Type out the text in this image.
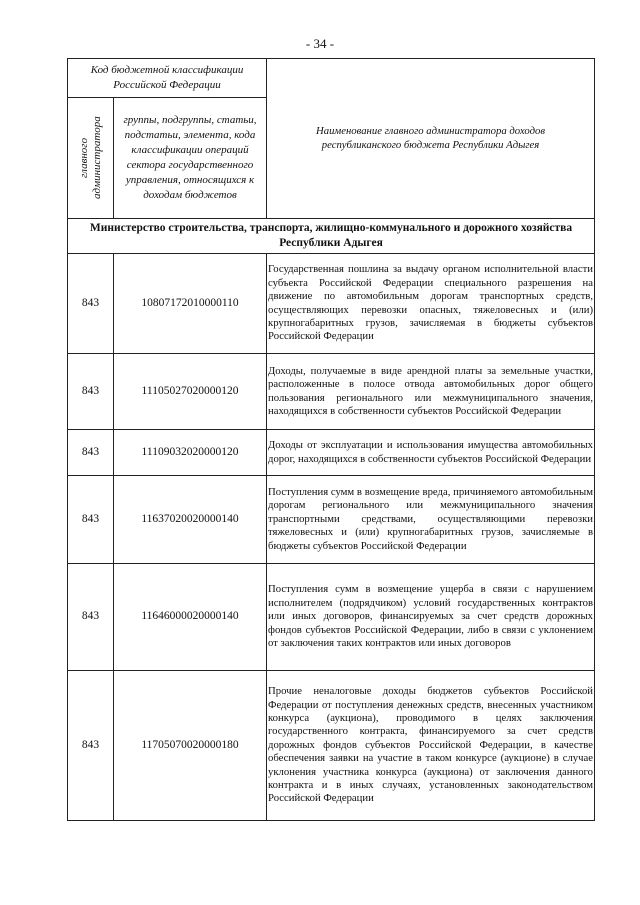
- 34 -
Код бюджетной классификации Российской Федерации		Наименование главного администратора доходов республиканского бюджета Республики Адыгея

главного администратора	группы, подгруппы, статьи, подстатьи, элемента, кода классификации операций сектора государственного управления, относящихся к доходам бюджетов	
Министерство строительства, транспорта, жилищно-коммунального и дорожного хозяйства Республики Адыгея		
843	10807172010000110	Государственная пошлина за выдачу органом исполнительной власти субъекта Российской Федерации специального разрешения на движение по автомобильным дорогам транспортных средств, осуществляющих перевозки опасных, тяжеловесных и (или) крупногабаритных грузов, зачисляемая в бюджеты субъектов Российской Федерации
843	11105027020000120	Доходы, получаемые в виде арендной платы за земельные участки, расположенные в полосе отвода автомобильных дорог общего пользования регионального или межмуниципального значения, находящихся в собственности субъектов Российской Федерации
843	11109032020000120	Доходы от эксплуатации и использования имущества автомобильных дорог, находящихся в собственности субъектов Российской Федерации
843	11637020020000140	Поступления сумм в возмещение вреда, причиняемого автомобильным дорогам регионального или межмуниципального значения транспортными средствами, осуществляющими перевозки тяжеловесных и (или) крупногабаритных грузов, зачисляемые в бюджеты субъектов Российской Федерации
843	11646000020000140	Поступления сумм в возмещение ущерба в связи с нарушением исполнителем (подрядчиком) условий государственных контрактов или иных договоров, финансируемых за счет средств дорожных фондов субъектов Российской Федерации, либо в связи с уклонением от заключения таких контрактов или иных договоров
843	11705070020000180	Прочие неналоговые доходы бюджетов субъектов Российской Федерации от поступления денежных средств, внесенных участником конкурса (аукциона), проводимого в целях заключения государственного контракта, финансируемого за счет средств дорожных фондов субъектов Российской Федерации, в качестве обеспечения заявки на участие в таком конкурсе (аукционе) в случае уклонения участника конкурса (аукциона) от заключения данного контракта и в иных случаях, установленных законодательством Российской Федерации
